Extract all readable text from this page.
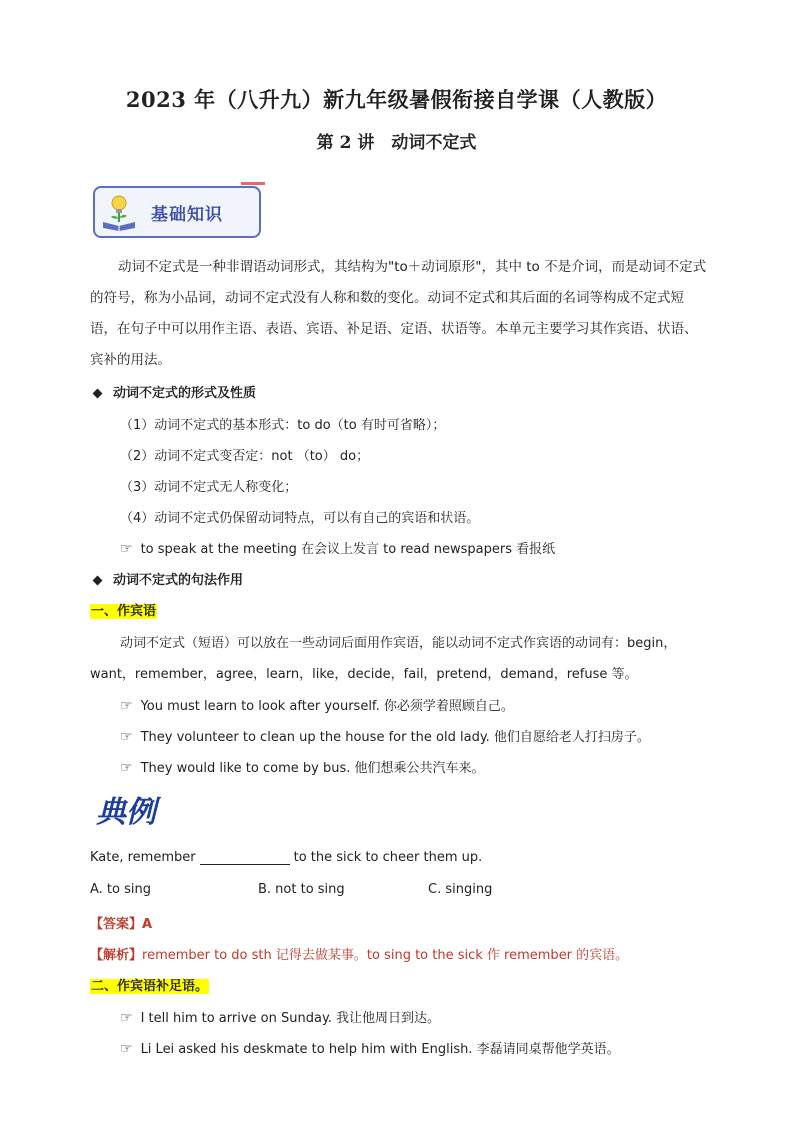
2023 年（八升九）新九年级暑假衔接自学课（人教版）
第 2 讲　动词不定式
基础知识
动词不定式是一种非谓语动词形式，其结构为"to＋动词原形"，其中 to 不是介词，而是动词不定式的符号，称为小品词，动词不定式没有人称和数的变化。动词不定式和其后面的名词等构成不定式短语，在句子中可以用作主语、表语、宾语、补足语、定语、状语等。本单元主要学习其作宾语、状语、宾补的用法。
动词不定式的形式及性质
（1）动词不定式的基本形式：to do（to 有时可省略）；
（2）动词不定式变否定：not （to） do；
（3）动词不定式无人称变化；
（4）动词不定式仍保留动词特点，可以有自己的宾语和状语。
☞ to speak at the meeting 在会议上发言 to read newspapers 看报纸
动词不定式的句法作用
一、作宾语
动词不定式（短语）可以放在一些动词后面用作宾语，能以动词不定式作宾语的动词有：begin，
want，remember，agree，learn，like，decide，fail，pretend，demand，refuse 等。
☞ You must learn to look after yourself. 你必须学着照顾自己。
☞ They volunteer to clean up the house for the old lady. 他们自愿给老人打扫房子。
☞ They would like to come by bus. 他们想乘公共汽车来。
典例
Kate, remember	to the sick to cheer them up.
A. to sing	B. not to sing	C. singing
【答案】A
【解析】remember to do sth 记得去做某事。to sing to the sick 作 remember 的宾语。
二、作宾语补足语。
☞ I tell him to arrive on Sunday. 我让他周日到达。
☞ Li Lei asked his deskmate to help him with English. 李磊请同桌帮他学英语。
